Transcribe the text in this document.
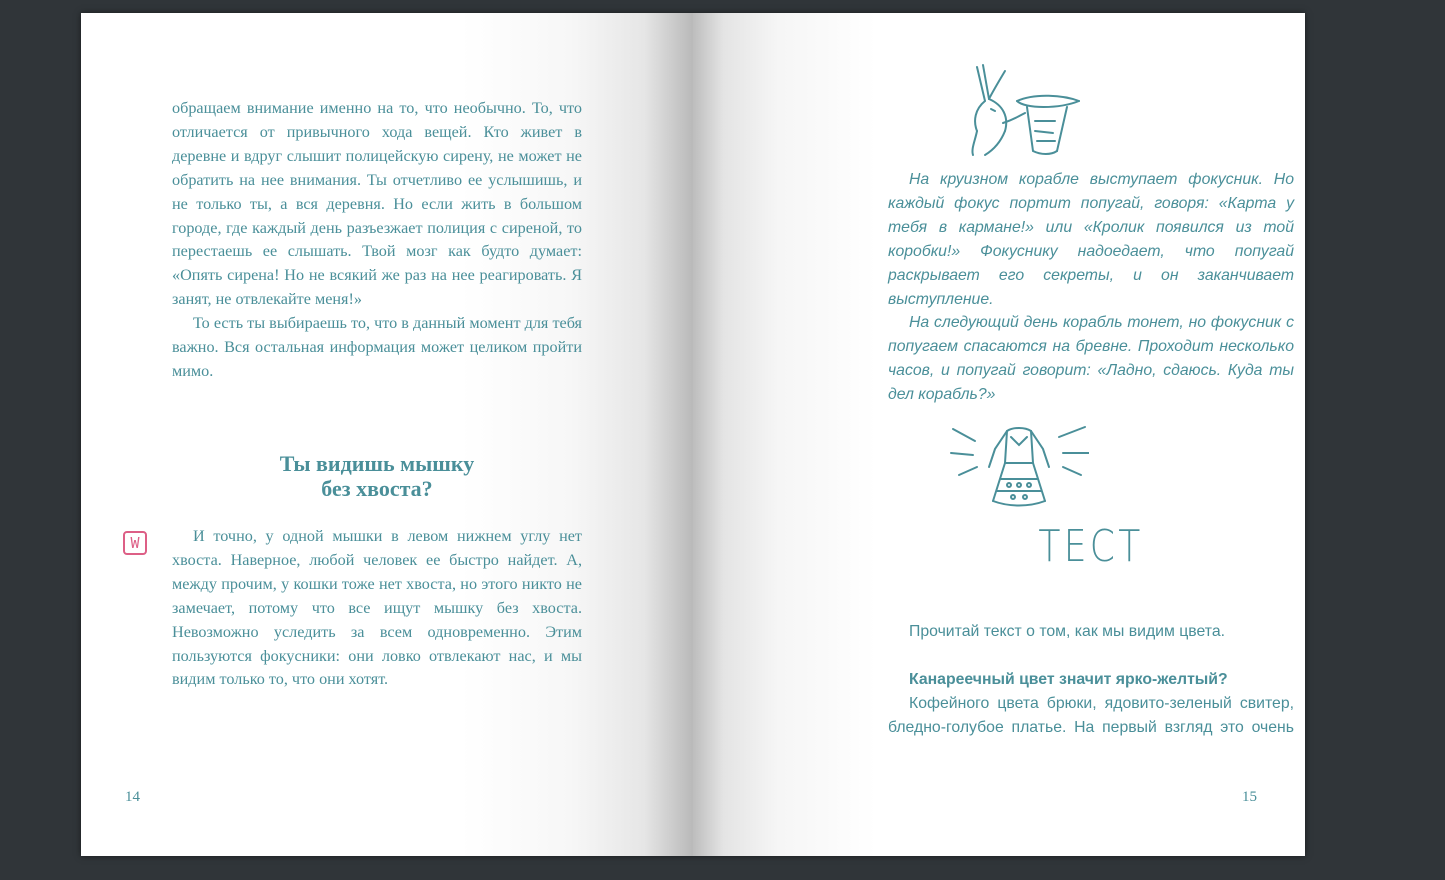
обращаем внимание именно на то, что необычно. То, что отличается от привычного хода вещей. Кто живет в деревне и вдруг слышит полицейскую сирену, не может не обратить на нее внимания. Ты отчетливо ее услышишь, и не только ты, а вся деревня. Но если жить в большом городе, где каждый день разъезжает полиция с сиреной, то перестаешь ее слышать. Твой мозг как будто думает: «Опять сирена! Но не всякий же раз на нее реагировать. Я занят, не отвлекайте меня!»

То есть ты выбираешь то, что в данный момент для тебя важно. Вся остальная информация может целиком пройти мимо.

Ты видишь мышку
без хвоста?
W	И точно, у одной мышки в левом нижнем углу нет хвоста. Наверное, любой человек ее быстро найдет. А, между прочим, у кошки тоже нет хвоста, но этого никто не замечает, потому что все ищут мышку без хвоста. Невозможно уследить за всем одновременно. Этим пользуются фокусники: они ловко отвлекают нас, и мы видим только то, что они хотят.

14

На круизном корабле выступает фокусник. Но каждый фокус портит попугай, говоря: «Карта у тебя в кармане!» или «Кролик появился из той коробки!» Фокуснику надоедает, что попугай раскрывает его секреты, и он заканчивает выступление.

На следующий день корабль тонет, но фокусник с попугаем спасаются на бревне. Проходит несколько часов, и попугай говорит: «Ладно, сдаюсь. Куда ты дел корабль?»

ТЕСТ

Прочитай текст о том, как мы видим цвета.

Канареечный цвет значит ярко-желтый?

Кофейного цвета брюки, ядовито-зеленый свитер, бледно-голубое платье. На первый взгляд это очень

15
